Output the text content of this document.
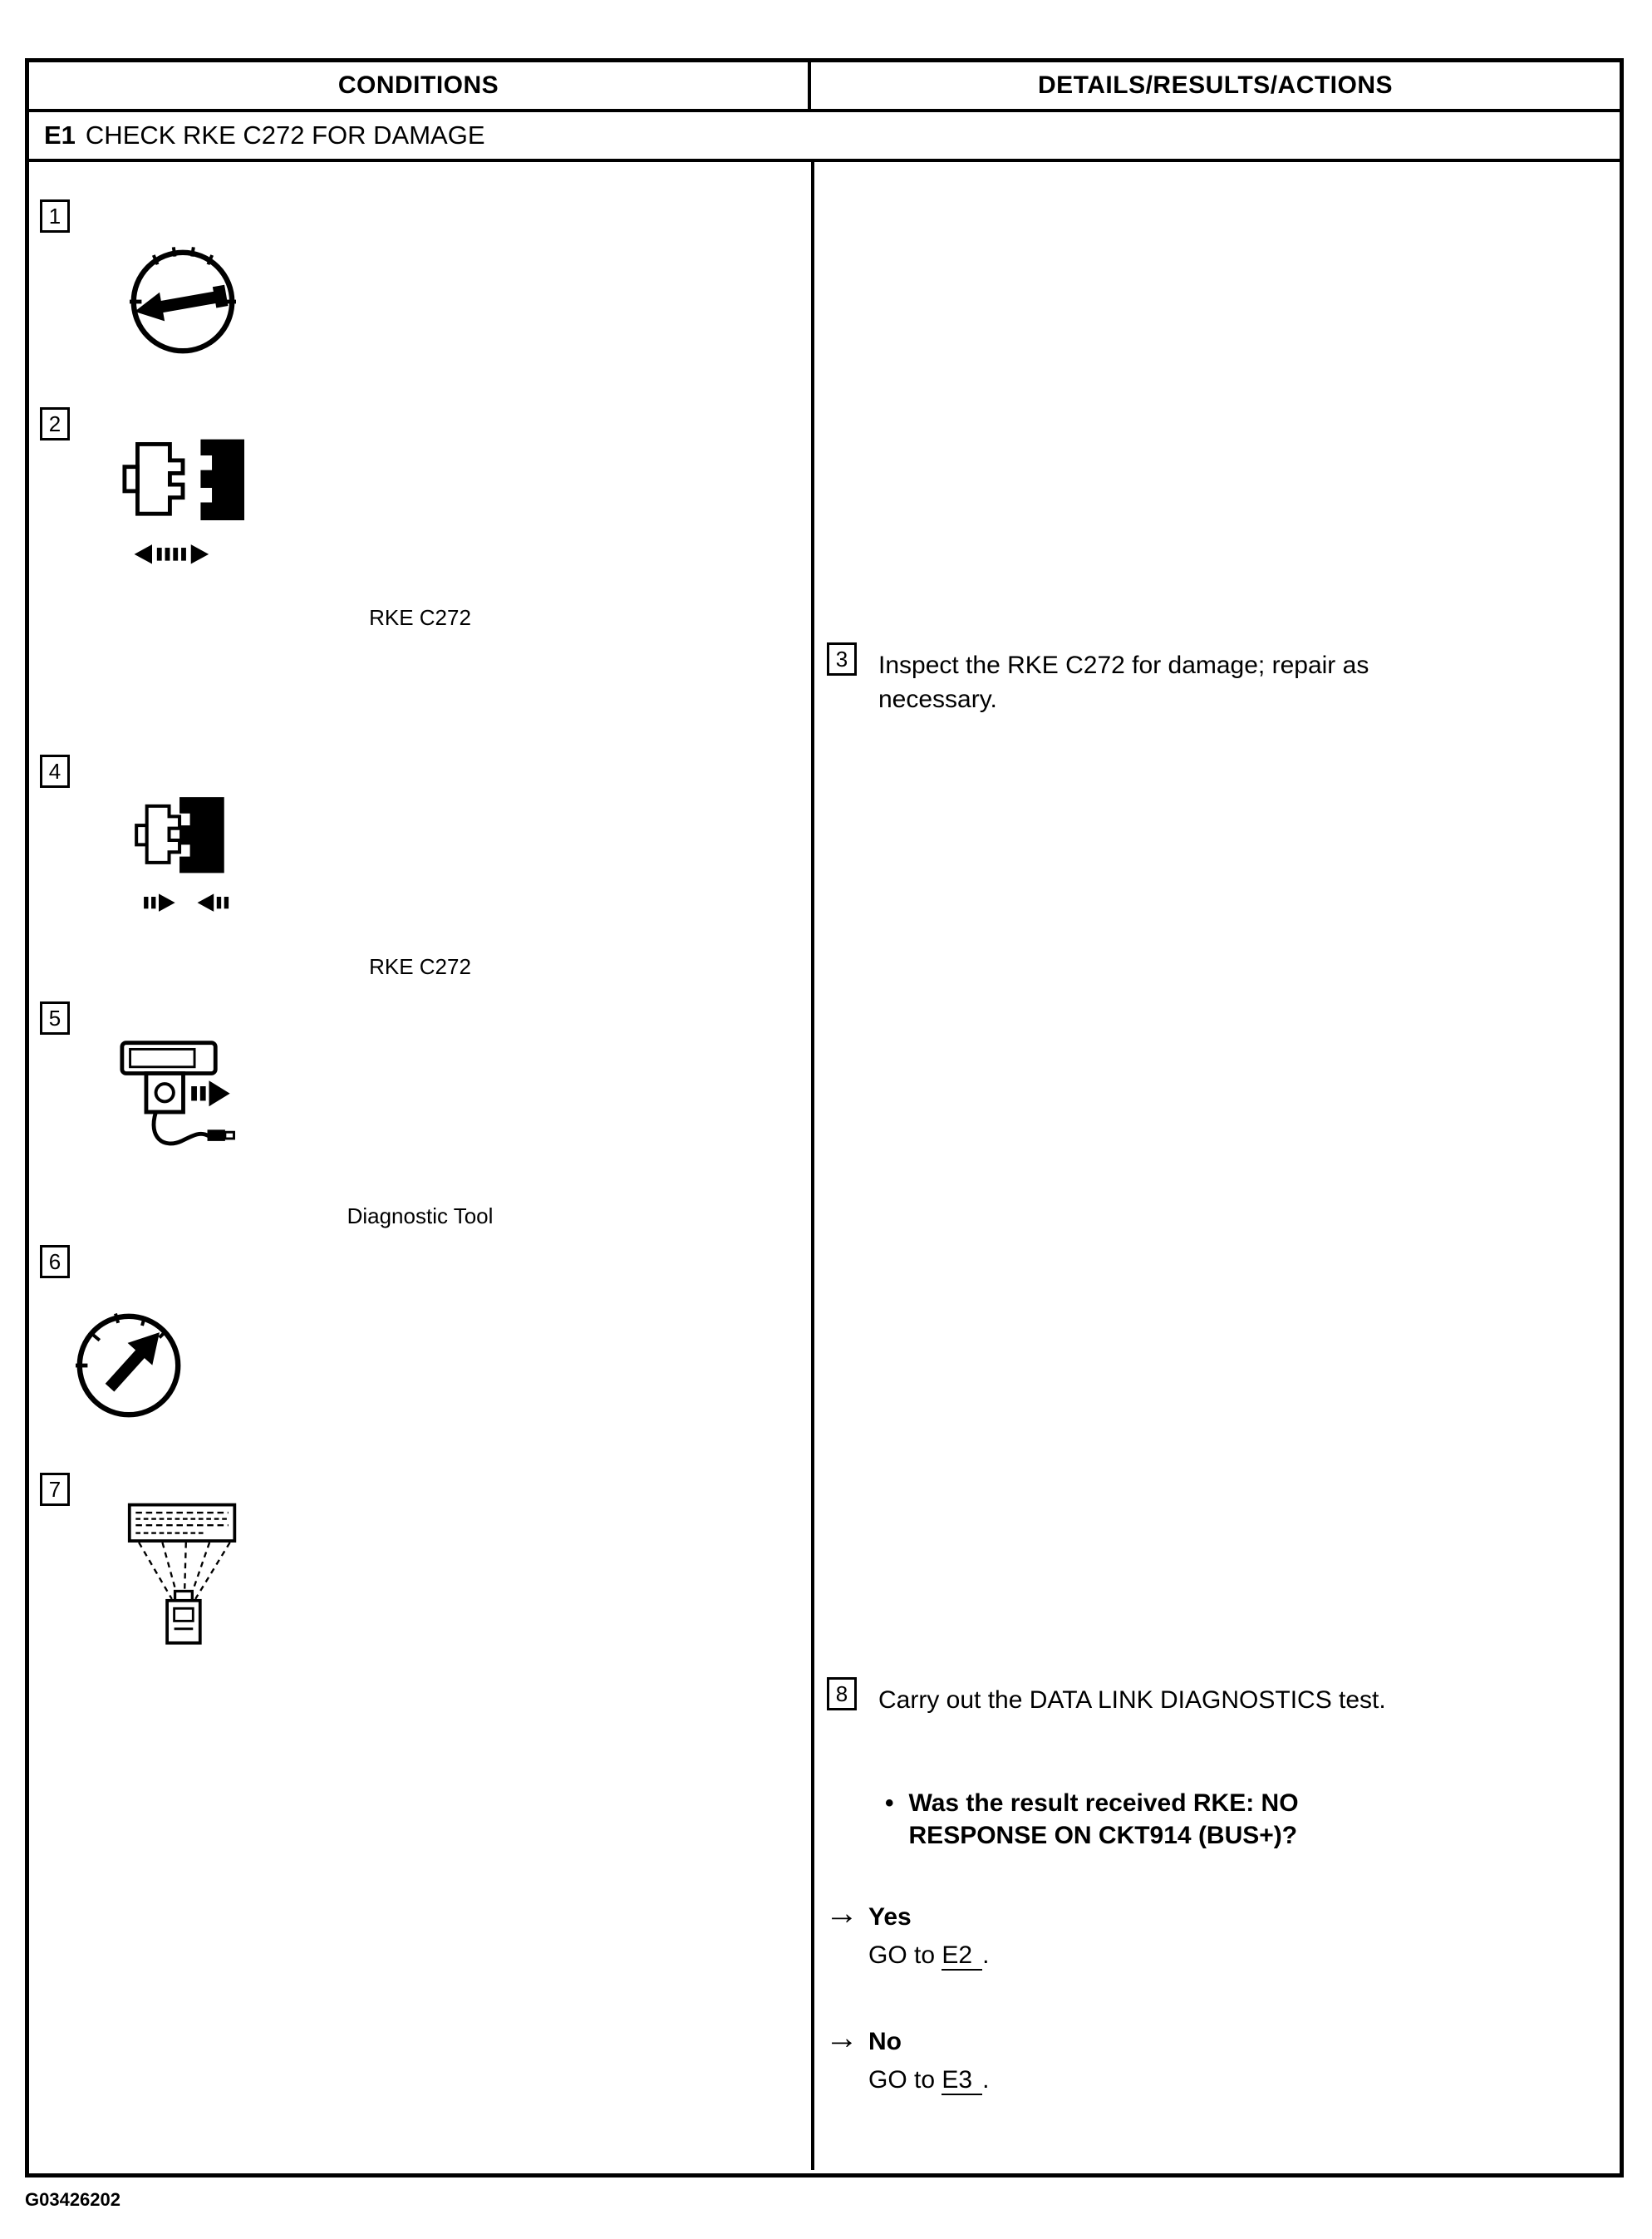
CONDITIONS	DETAILS/RESULTS/ACTIONS
E1 CHECK RKE C272 FOR DAMAGE
1
2
RKE C272
4
RKE C272
5
Diagnostic Tool
6
7
3 Inspect the RKE C272 for damage; repair as necessary.
8 Carry out the DATA LINK DIAGNOSTICS test.
• Was the result received RKE: NO RESPONSE ON CKT914 (BUS+)?
→ Yes
GO to E2 .
→ No
GO to E3 .
G03426202
